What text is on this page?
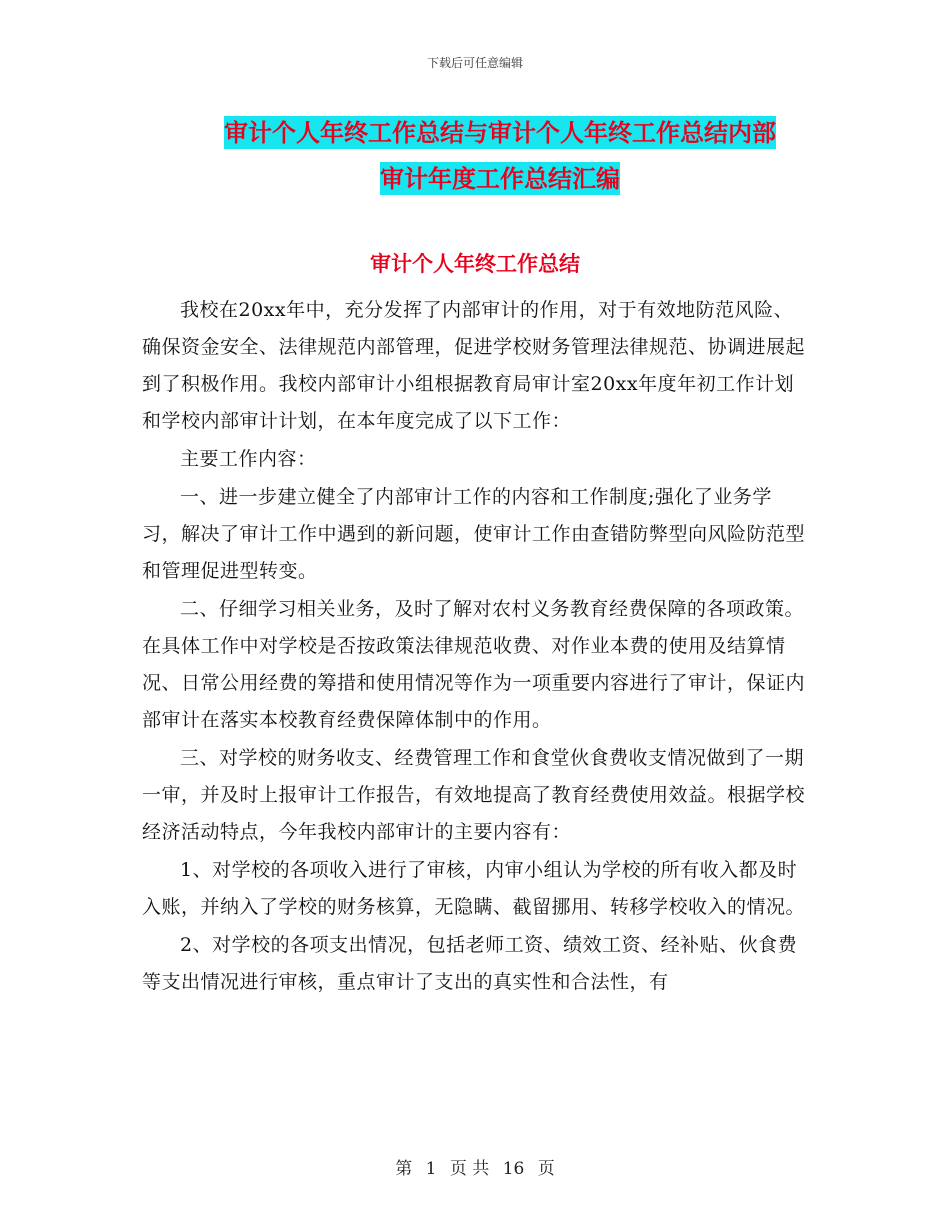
下载后可任意编辑
审计个人年终工作总结与审计个人年终工作总结内部
审计年度工作总结汇编
审计个人年终工作总结

我校在20xx年中，充分发挥了内部审计的作用，对于有效地防范风险、确保资金安全、法律规范内部管理，促进学校财务管理法律规范、协调进展起到了积极作用。我校内部审计小组根据教育局审计室20xx年度年初工作计划和学校内部审计计划，在本年度完成了以下工作：

主要工作内容：

一、进一步建立健全了内部审计工作的内容和工作制度;强化了业务学习，解决了审计工作中遇到的新问题，使审计工作由查错防弊型向风险防范型和管理促进型转变。

二、仔细学习相关业务，及时了解对农村义务教育经费保障的各项政策。在具体工作中对学校是否按政策法律规范收费、对作业本费的使用及结算情况、日常公用经费的筹措和使用情况等作为一项重要内容进行了审计，保证内部审计在落实本校教育经费保障体制中的作用。

三、对学校的财务收支、经费管理工作和食堂伙食费收支情况做到了一期一审，并及时上报审计工作报告，有效地提高了教育经费使用效益。根据学校经济活动特点，今年我校内部审计的主要内容有：

1、对学校的各项收入进行了审核，内审小组认为学校的所有收入都及时入账，并纳入了学校的财务核算，无隐瞒、截留挪用、转移学校收入的情况。

2、对学校的各项支出情况，包括老师工资、绩效工资、经补贴、伙食费等支出情况进行审核，重点审计了支出的真实性和合法性，有

第 1 页 共 16 页
